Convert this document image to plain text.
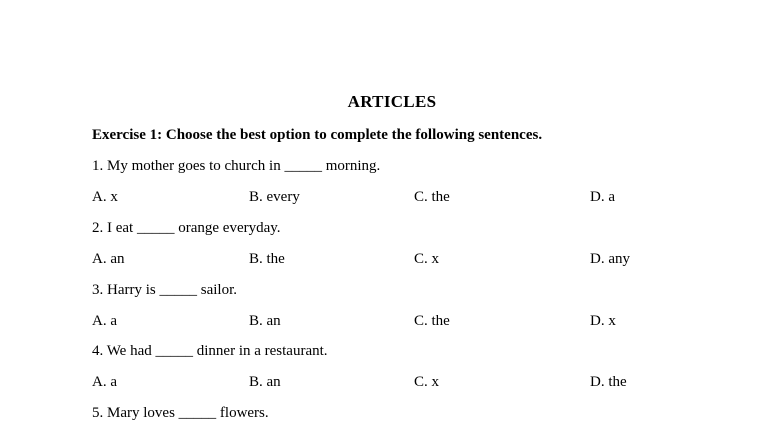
ARTICLES
Exercise 1: Choose the best option to complete the following sentences.
1. My mother goes to church in _____ morning.
A. x	B. every	C. the	D. a
2. I eat _____ orange everyday.
A. an	B. the	C. x	D. any
3. Harry is _____ sailor.
A. a	B. an	C. the	D. x
4. We had _____ dinner in a restaurant.
A. a	B. an	C. x	D. the
5. Mary loves _____ flowers.
